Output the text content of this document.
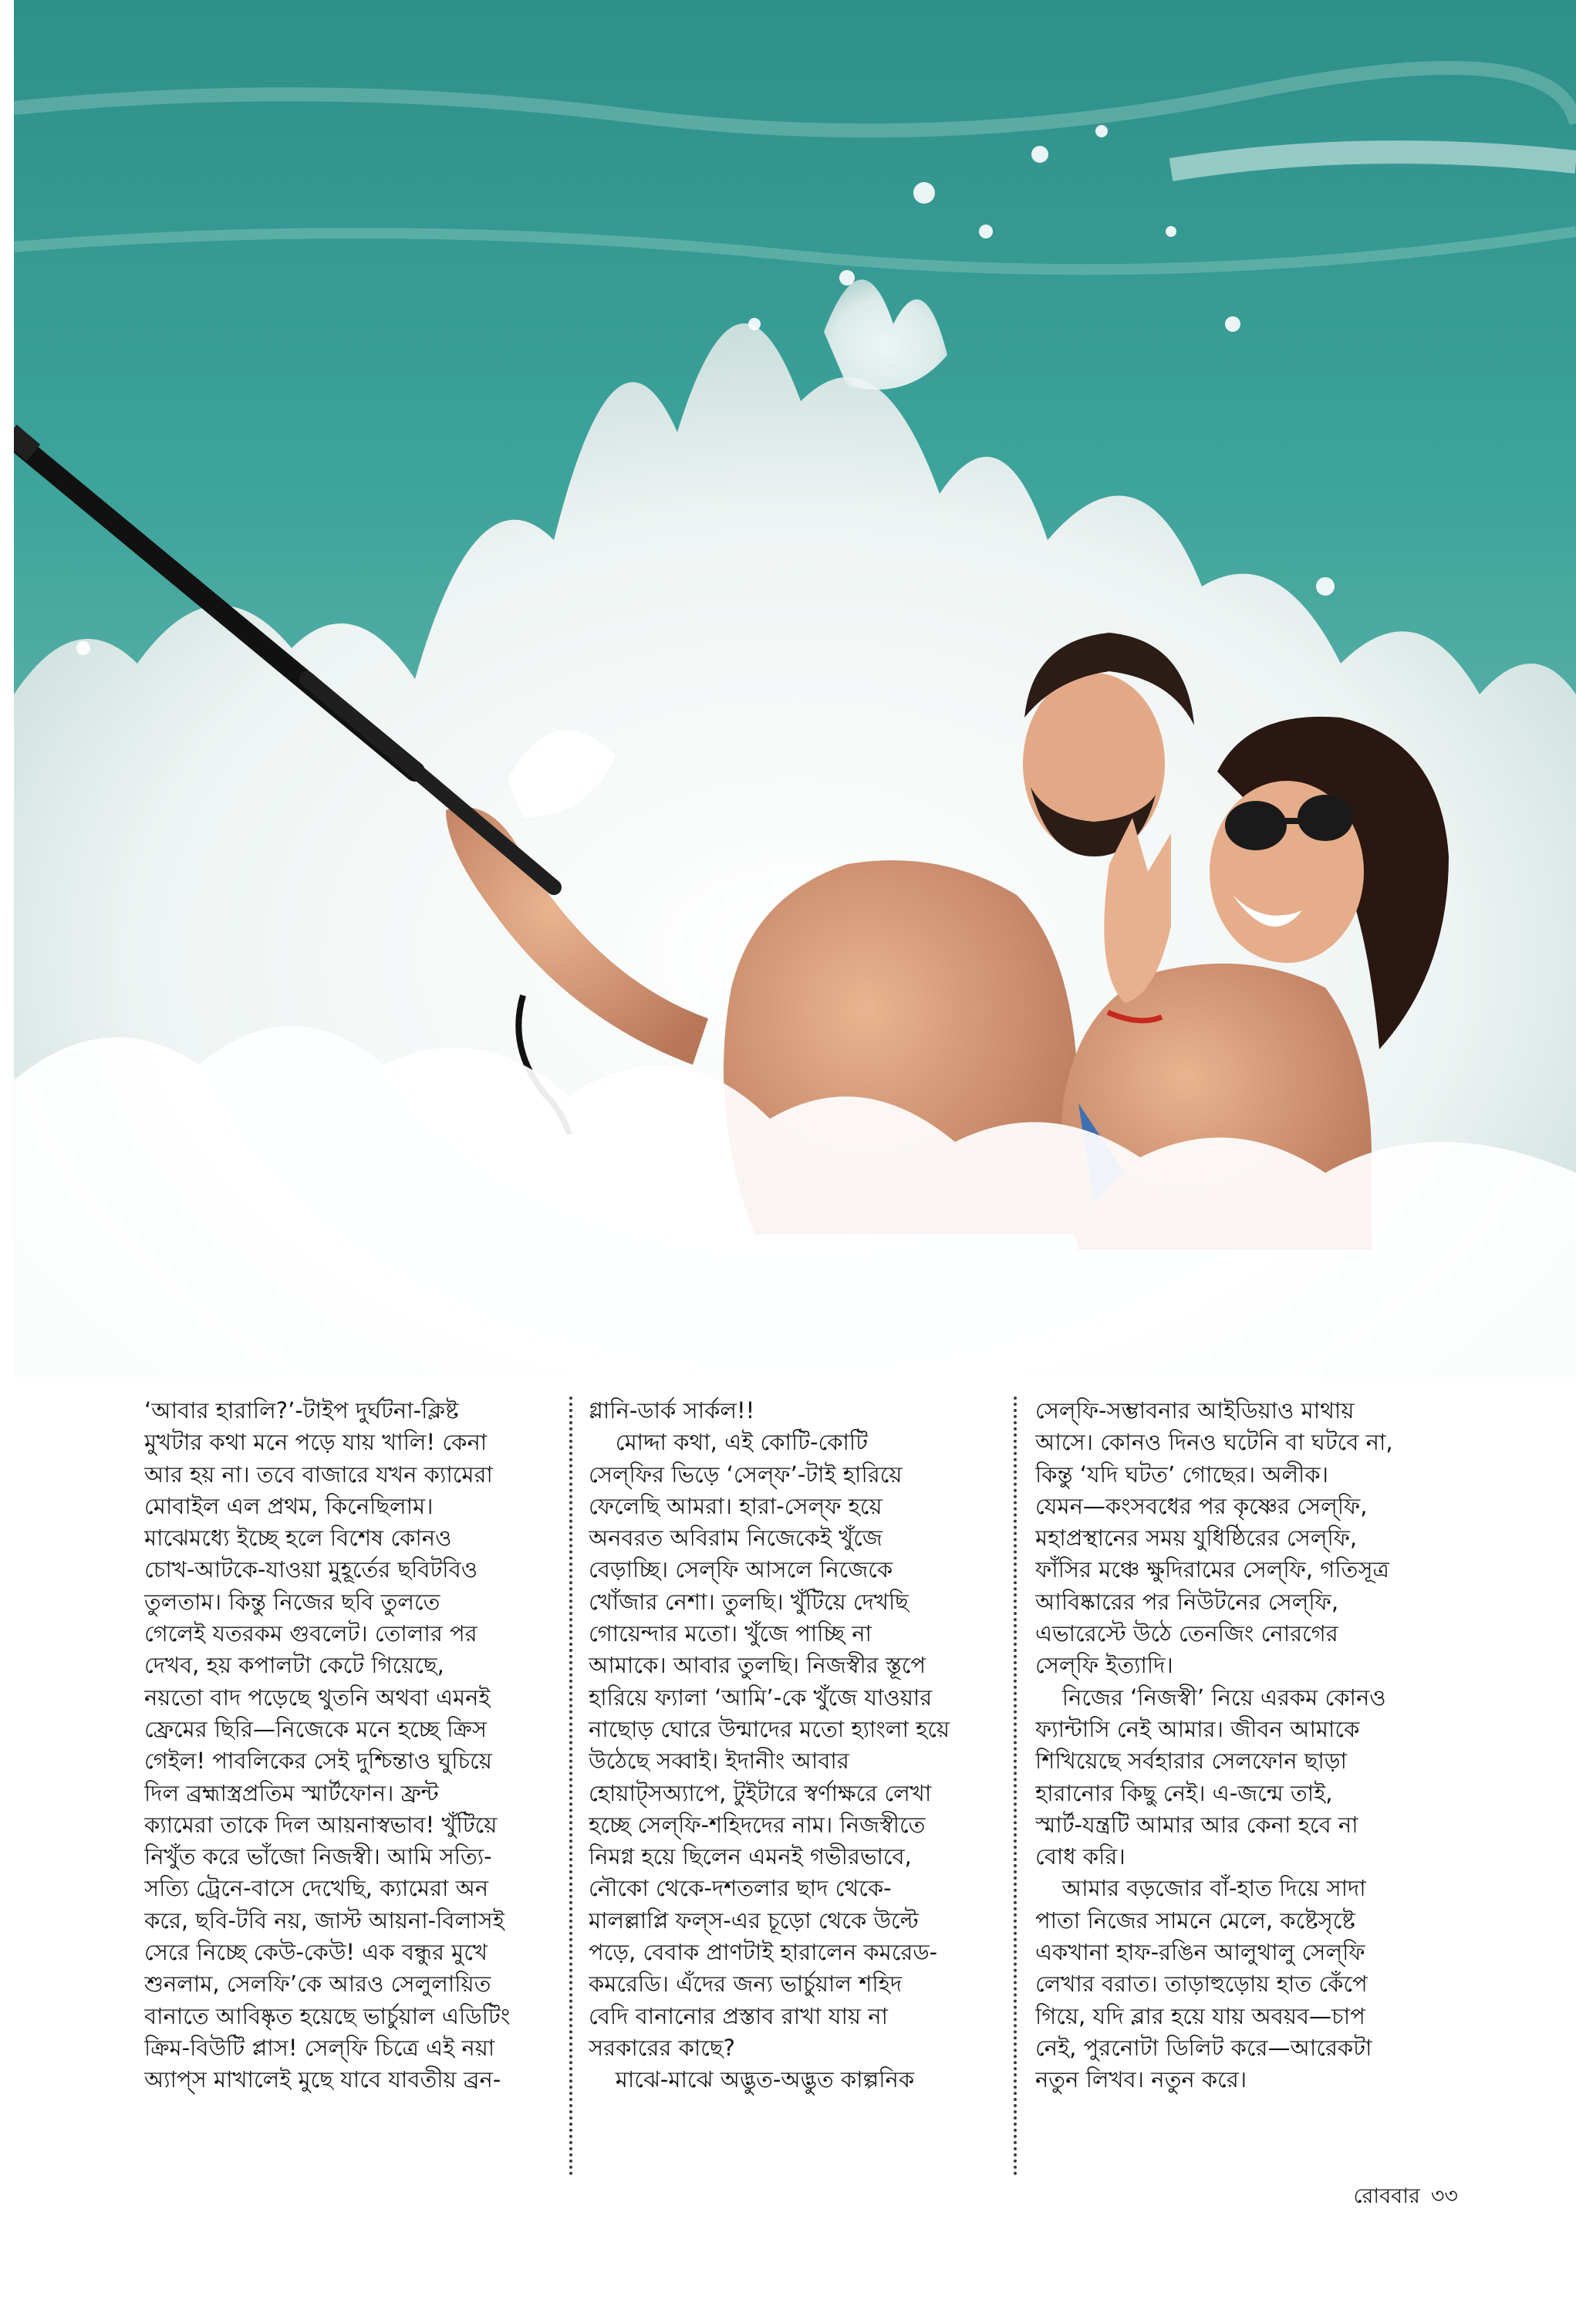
‘আবার হারালি?’-টাইপ দুর্ঘটনা-ক্লিষ্ট
মুখটার কথা মনে পড়ে যায় খালি! কেনা
আর হয় না। তবে বাজারে যখন ক্যামেরা
মোবাইল এল প্রথম, কিনেছিলাম।
মাঝেমধ্যে ইচ্ছে হলে বিশেষ কোনও
চোখ-আটকে-যাওয়া মুহূর্তের ছবিটবিও
তুলতাম। কিন্তু নিজের ছবি তুলতে
গেলেই যতরকম গুবলেট। তোলার পর
দেখব, হয় কপালটা কেটে গিয়েছে,
নয়তো বাদ পড়েছে থুতনি অথবা এমনই
ফ্রেমের ছিরি—নিজেকে মনে হচ্ছে ক্রিস
গেইল! পাবলিকের সেই দুশ্চিন্তাও ঘুচিয়ে
দিল ব্রহ্মাস্ত্রপ্রতিম স্মার্টফোন। ফ্রন্ট
ক্যামেরা তাকে দিল আয়নাস্বভাব! খুঁটিয়ে
নিখুঁত করে ভাঁজো নিজস্বী। আমি সত্যি-
সত্যি ট্রেনে-বাসে দেখেছি, ক্যামেরা অন
করে, ছবি-টবি নয়, জাস্ট আয়না-বিলাসই
সেরে নিচ্ছে কেউ-কেউ! এক বন্ধুর মুখে
শুনলাম, সেলফি’কে আরও সেলুলায়িত
বানাতে আবিষ্কৃত হয়েছে ভার্চুয়াল এডিটিং
ক্রিম-বিউটি প্লাস! সেল্‌ফি চিত্রে এই নয়া
অ্যাপ্‌স মাখালেই মুছে যাবে যাবতীয় ব্রন-

গ্লানি-ডার্ক সার্কল!!

মোদ্দা কথা, এই কোটি-কোটি
সেল্‌ফির ভিড়ে ‘সেল্‌ফ’-টাই হারিয়ে
ফেলেছি আমরা। হারা-সেল্‌ফ হয়ে
অনবরত অবিরাম নিজেকেই খুঁজে
বেড়াচ্ছি। সেল্‌ফি আসলে নিজেকে
খোঁজার নেশা। তুলছি। খুঁটিয়ে দেখছি
গোয়েন্দার মতো। খুঁজে পাচ্ছি না
আমাকে। আবার তুলছি। নিজস্বীর স্তূপে
হারিয়ে ফ্যালা ‘আমি’-কে খুঁজে যাওয়ার
নাছোড় ঘোরে উন্মাদের মতো হ্যাংলা হয়ে
উঠেছে সব্বাই। ইদানীং আবার
হোয়াট্‌সঅ্যাপে, টুইটারে স্বর্ণাক্ষরে লেখা
হচ্ছে সেল্‌ফি-শহিদদের নাম। নিজস্বীতে
নিমগ্ন হয়ে ছিলেন এমনই গভীরভাবে,
নৌকো থেকে-দশতলার ছাদ থেকে-
মালল্লাপ্লি ফল্‌স-এর চূড়ো থেকে উল্টে
পড়ে, বেবাক প্রাণটাই হারালেন কমরেড-
কমরেডি। এঁদের জন্য ভার্চুয়াল শহিদ
বেদি বানানোর প্রস্তাব রাখা যায় না
সরকারের কাছে?

মাঝে-মাঝে অদ্ভুত-অদ্ভুত কাল্পনিক

সেল্‌ফি-সম্ভাবনার আইডিয়াও মাথায়
আসে। কোনও দিনও ঘটেনি বা ঘটবে না,
কিন্তু ‘যদি ঘটত’ গোছের। অলীক।
যেমন—কংসবধের পর কৃষ্ণের সেল্‌ফি,
মহাপ্রস্থানের সময় যুধিষ্ঠিরের সেল্‌ফি,
ফাঁসির মঞ্চে ক্ষুদিরামের সেল্‌ফি, গতিসূত্র
আবিষ্কারের পর নিউটনের সেল্‌ফি,
এভারেস্টে উঠে তেনজিং নোরগের
সেল্‌ফি ইত্যাদি।

নিজের ‘নিজস্বী’ নিয়ে এরকম কোনও
ফ্যান্টাসি নেই আমার। জীবন আমাকে
শিখিয়েছে সর্বহারার সেলফোন ছাড়া
হারানোর কিছু নেই। এ-জন্মে তাই,
স্মার্ট-যন্ত্রটি আমার আর কেনা হবে না
বোধ করি।

আমার বড়জোর বাঁ-হাত দিয়ে সাদা
পাতা নিজের সামনে মেলে, কষ্টেসৃষ্টে
একখানা হাফ-রঙিন আলুথালু সেল্‌ফি
লেখার বরাত। তাড়াহুড়োয় হাত কেঁপে
গিয়ে, যদি ব্লার হয়ে যায় অবয়ব—চাপ
নেই, পুরনোটা ডিলিট করে—আরেকটা
নতুন লিখব। নতুন করে।

রোববার ৩৩
